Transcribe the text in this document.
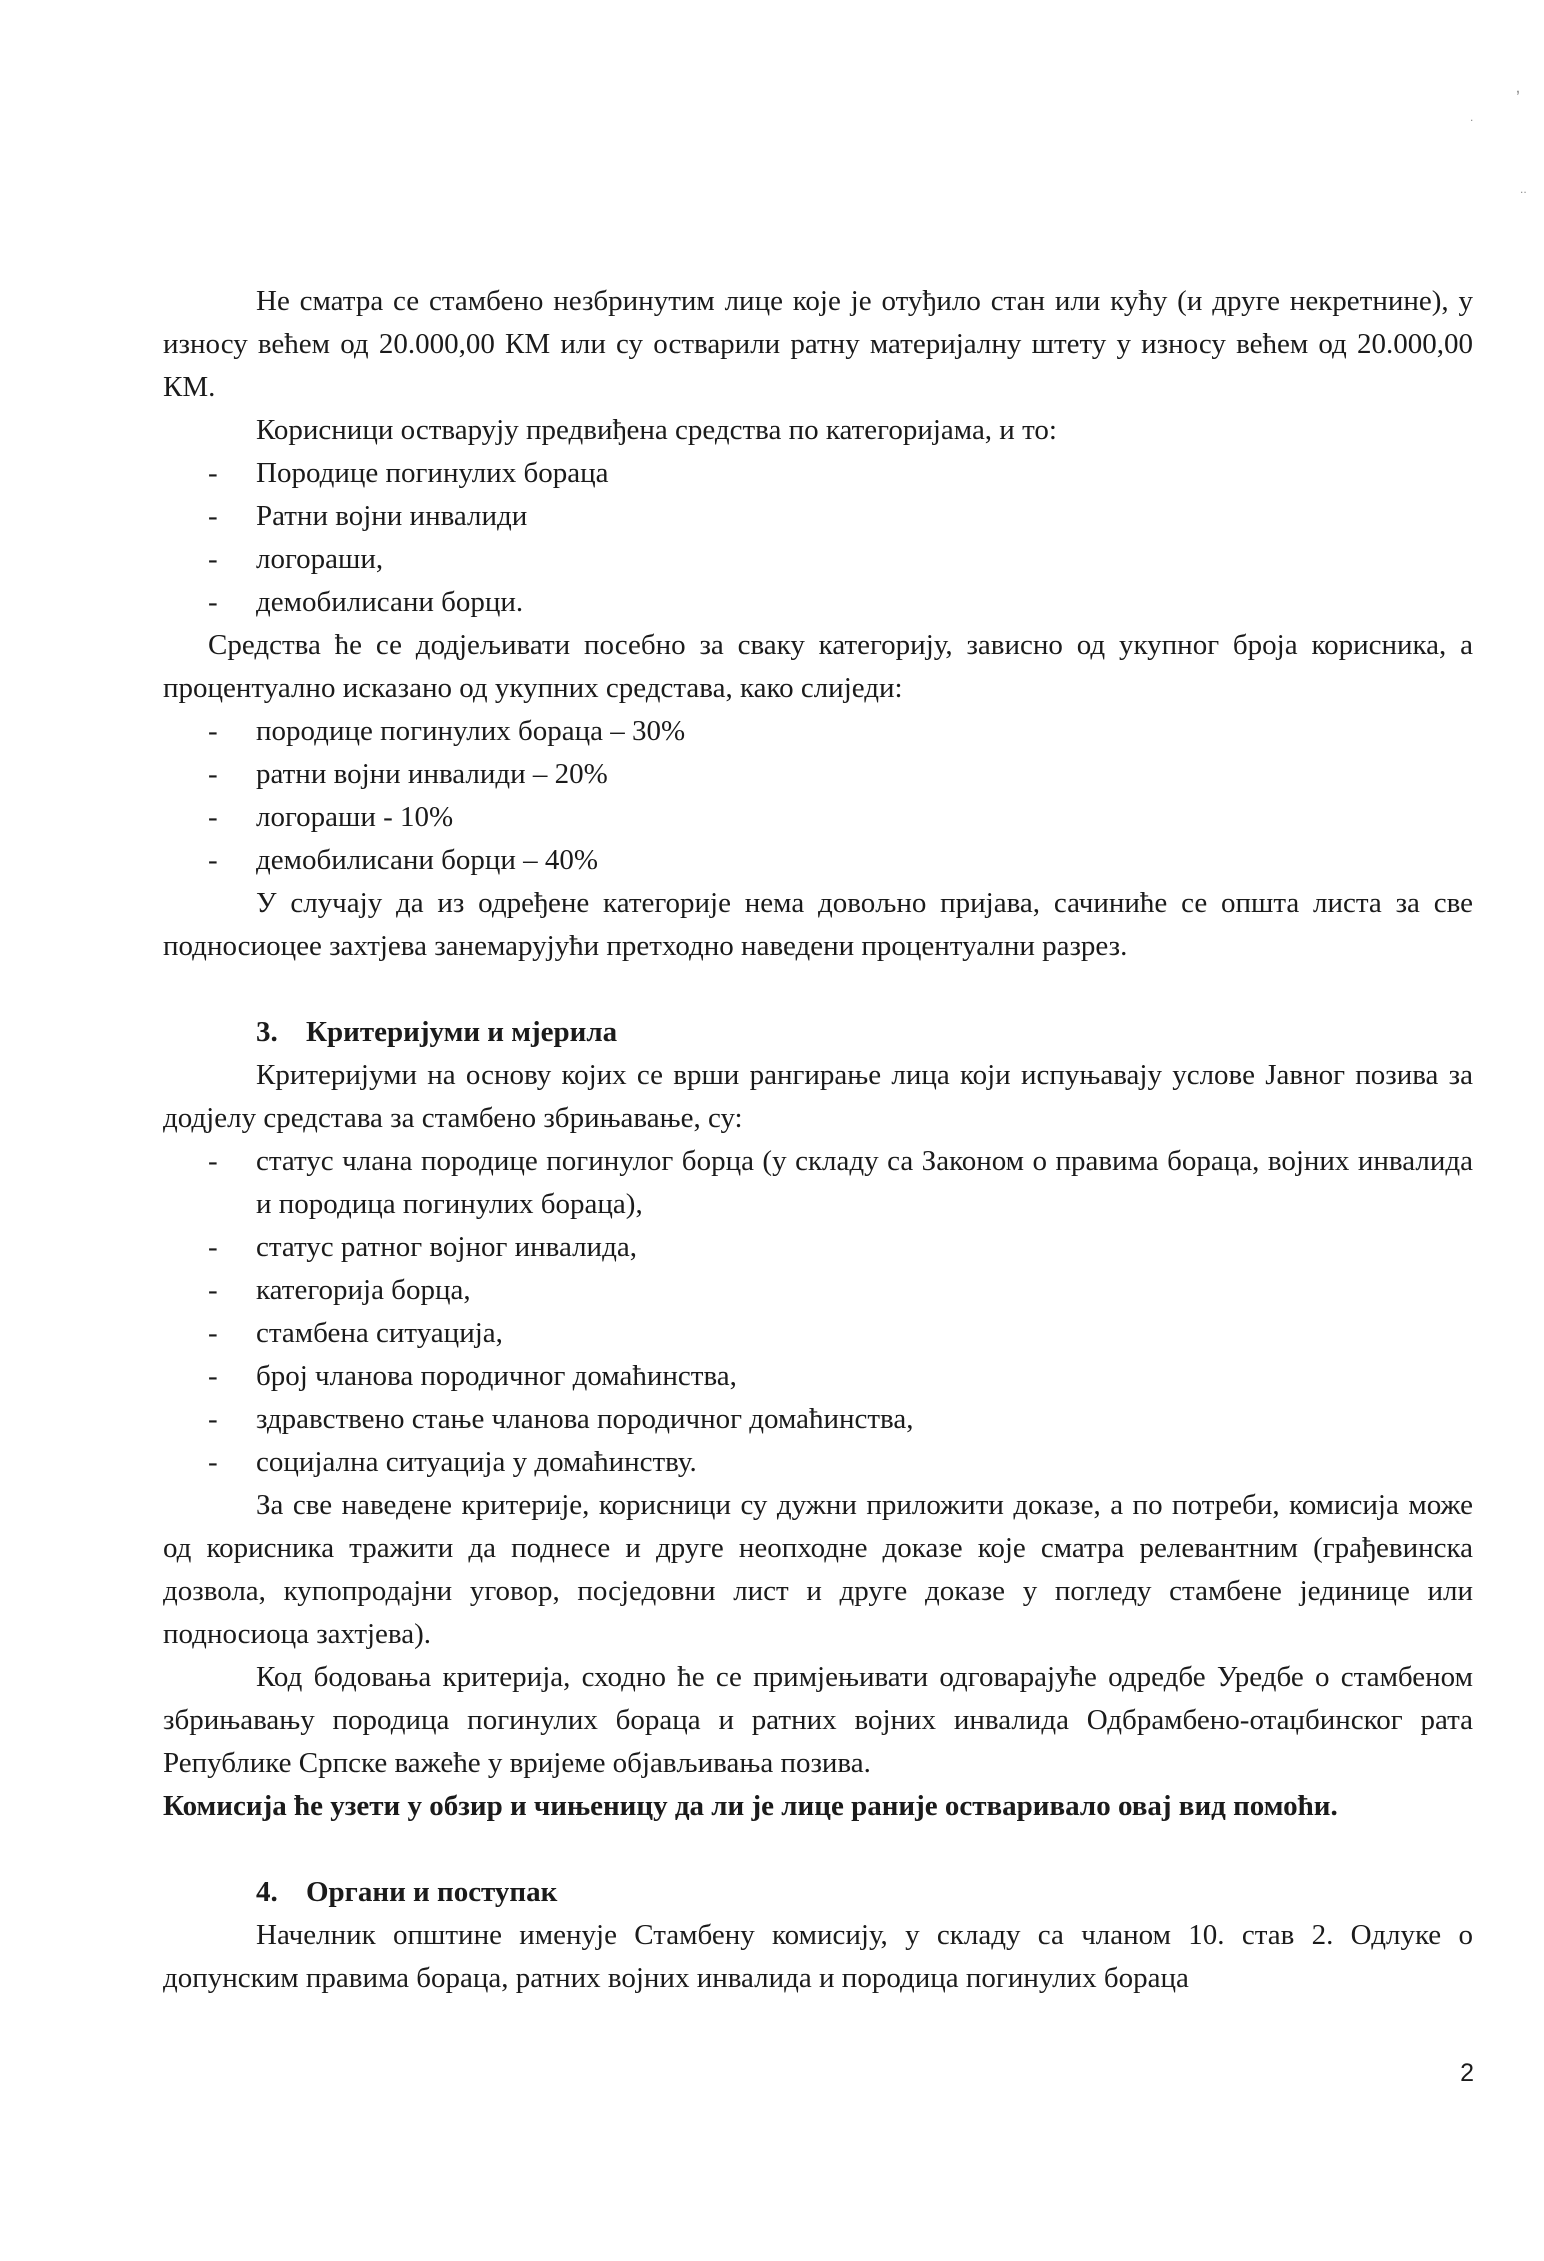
ʼ
.
..

Не сматра се стамбено незбринутим лице које је отуђило стан или кућу (и друге некретнине), у износу већем од 20.000,00 КМ или су остварили ратну материјалну штету у износу већем од 20.000,00 КМ.

Корисници остварују предвиђена средства по категоријама, и то:

- Породице погинулих бораца
- Ратни војни инвалиди
- логораши,
- демобилисани борци.

Средства ће се додјељивати посебно за сваку категорију, зависно од укупног броја корисника, а процентуално исказано од укупних средстава, како слиједи:

- породице погинулих бораца – 30%
- ратни војни инвалиди – 20%
- логораши - 10%
- демобилисани борци – 40%

У случају да из одређене категорије нема довољно пријава, сачиниће се општа листа за све подносиоцее захтјева занемарујући претходно наведени процентуални разрез.

3. Критеријуми и мјерила

Критеријуми на основу којих се врши рангирање лица који испуњавају услове Јавног позива за додјелу средстава за стамбено збрињавање, су:

- статус члана породице погинулог борца (у складу са Законом о правима бораца, војних инвалида и породица погинулих бораца),
- статус ратног војног инвалида,
- категорија борца,
- стамбена ситуација,
- број чланова породичног домаћинства,
- здравствено стање чланова породичног домаћинства,
- социјална ситуација у домаћинству.

За све наведене критерије, корисници су дужни приложити доказе, а по потреби, комисија може од корисника тражити да поднесе и друге неопходне доказе које сматра релевантним (грађевинска дозвола, купопродајни уговор, посједовни лист и друге доказе у погледу стамбене јединице или подносиоца захтјева).

Код бодовања критерија, сходно ће се примјењивати одговарајуће одредбе Уредбе о стамбеном збрињавању породица погинулих бораца и ратних војних инвалида Одбрамбено-отаџбинског рата Републике Српске важеће у вријеме објављивања позива.

Комисија ће узети у обзир и чињеницу да ли је лице раније остваривало овај вид помоћи.

4. Органи и поступак

Начелник општине именује Стамбену комисију, у складу са чланом 10. став 2. Одлуке о допунским правима бораца, ратних војних инвалида и породица погинулих бораца

2
